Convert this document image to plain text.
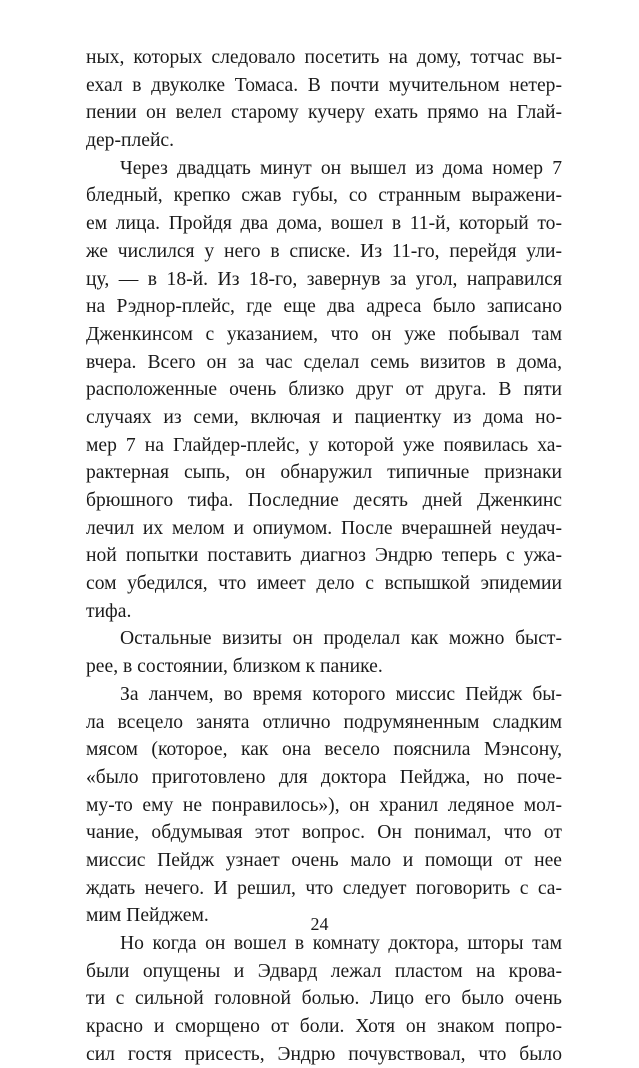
ных, которых следовало посетить на дому, тотчас вы-
ехал в двуколке Томаса. В почти мучительном нетер-
пении он велел старому кучеру ехать прямо на Глай-
дер-плейс.
Через двадцать минут он вышел из дома номер 7
бледный, крепко сжав губы, со странным выражени-
ем лица. Пройдя два дома, вошел в 11-й, который то-
же числился у него в списке. Из 11-го, перейдя ули-
цу, — в 18-й. Из 18-го, завернув за угол, направился
на Рэднор-плейс, где еще два адреса было записано
Дженкинсом с указанием, что он уже побывал там
вчера. Всего он за час сделал семь визитов в дома,
расположенные очень близко друг от друга. В пяти
случаях из семи, включая и пациентку из дома но-
мер 7 на Глайдер-плейс, у которой уже появилась ха-
рактерная сыпь, он обнаружил типичные признаки
брюшного тифа. Последние десять дней Дженкинс
лечил их мелом и опиумом. После вчерашней неудач-
ной попытки поставить диагноз Эндрю теперь с ужа-
сом убедился, что имеет дело с вспышкой эпидемии
тифа.
Остальные визиты он проделал как можно быст-
рее, в состоянии, близком к панике.
За ланчем, во время которого миссис Пейдж бы-
ла всецело занята отлично подрумяненным сладким
мясом (которое, как она весело пояснила Мэнсону,
«было приготовлено для доктора Пейджа, но поче-
му-то ему не понравилось»), он хранил ледяное мол-
чание, обдумывая этот вопрос. Он понимал, что от
миссис Пейдж узнает очень мало и помощи от нее
ждать нечего. И решил, что следует поговорить с са-
мим Пейджем.
Но когда он вошел в комнату доктора, шторы там
были опущены и Эдвард лежал пластом на крова-
ти с сильной головной болью. Лицо его было очень
красно и сморщено от боли. Хотя он знаком попро-
сил гостя присесть, Эндрю почувствовал, что было
24
